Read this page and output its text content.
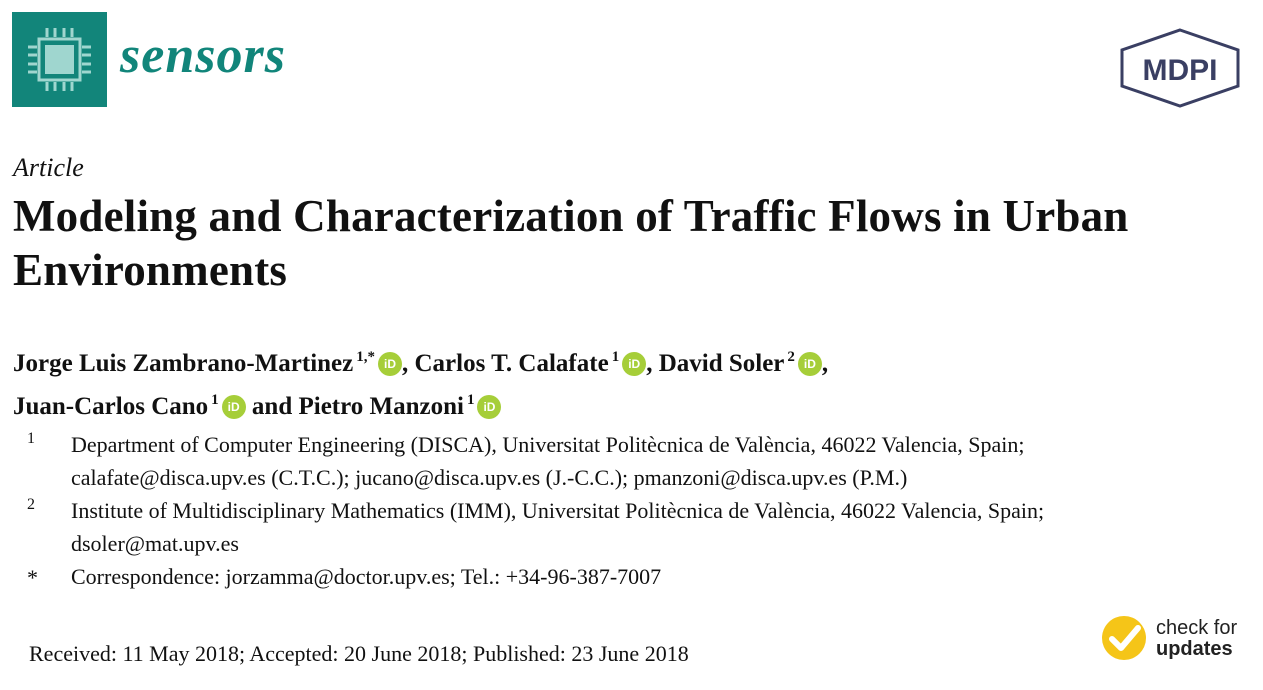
sensors	MDPI
Article
Modeling and Characterization of Traffic Flows in Urban Environments
Jorge Luis Zambrano-Martinez $^{1,*}$ iD , Carlos T. Calafate $^1$ iD , David Soler $^2$ iD ,
Juan-Carlos Cano $^1$ iD and Pietro Manzoni $^1$ iD
1 Department of Computer Engineering (DISCA), Universitat Politècnica de València, 46022 Valencia, Spain;
calafate@disca.upv.es (C.T.C.); jucano@disca.upv.es (J.-C.C.); pmanzoni@disca.upv.es (P.M.)
2 Institute of Multidisciplinary Mathematics (IMM), Universitat Politècnica de València, 46022 Valencia, Spain;
dsoler@mat.upv.es
* Correspondence: jorzamma@doctor.upv.es; Tel.: +34-96-387-7007
Received: 11 May 2018; Accepted: 20 June 2018; Published: 23 June 2018
check for
updates
